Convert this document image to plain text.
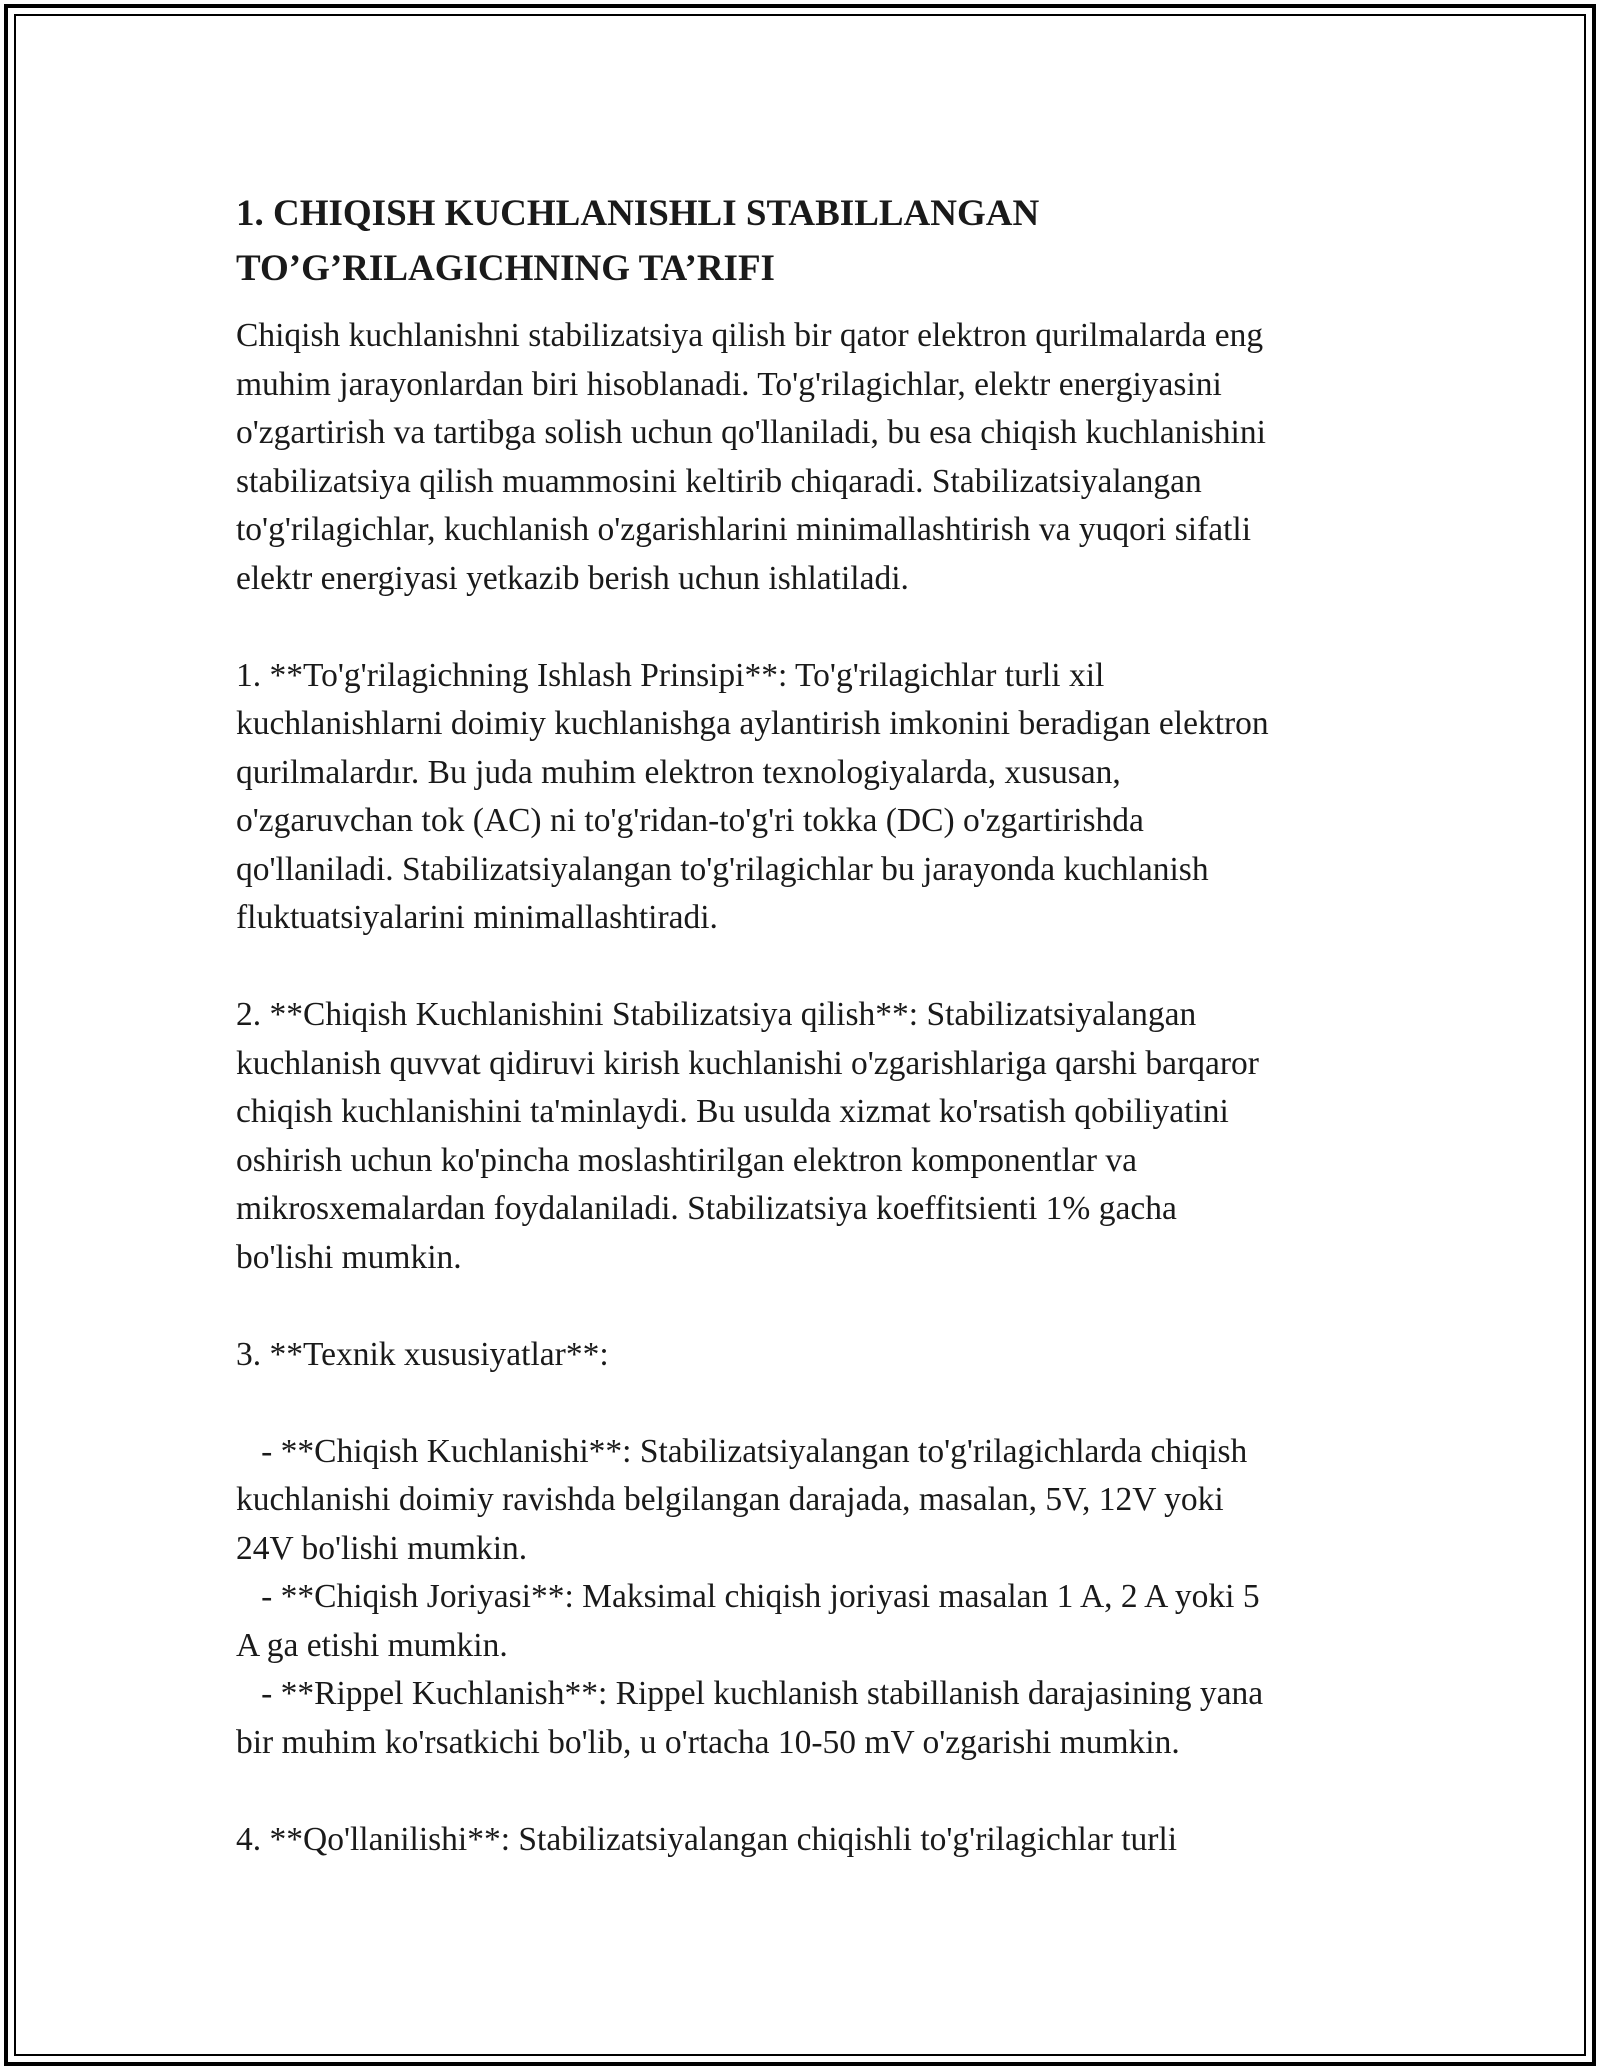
1. CHIQISH KUCHLANISHLI STABILLANGAN
TO’G’RILAGICHNING TA’RIFI

Chiqish kuchlanishni stabilizatsiya qilish bir qator elektron qurilmalarda eng
muhim jarayonlardan biri hisoblanadi. To'g'rilagichlar, elektr energiyasini
o'zgartirish va tartibga solish uchun qo'llaniladi, bu esa chiqish kuchlanishini
stabilizatsiya qilish muammosini keltirib chiqaradi. Stabilizatsiyalangan
to'g'rilagichlar, kuchlanish o'zgarishlarini minimallashtirish va yuqori sifatli
elektr energiyasi yetkazib berish uchun ishlatiladi.

1. **To'g'rilagichning Ishlash Prinsipi**: To'g'rilagichlar turli xil
kuchlanishlarni doimiy kuchlanishga aylantirish imkonini beradigan elektron
qurilmalardır. Bu juda muhim elektron texnologiyalarda, xususan,
o'zgaruvchan tok (AC) ni to'g'ridan-to'g'ri tokka (DC) o'zgartirishda
qo'llaniladi. Stabilizatsiyalangan to'g'rilagichlar bu jarayonda kuchlanish
fluktuatsiyalarini minimallashtiradi.

2. **Chiqish Kuchlanishini Stabilizatsiya qilish**: Stabilizatsiyalangan
kuchlanish quvvat qidiruvi kirish kuchlanishi o'zgarishlariga qarshi barqaror
chiqish kuchlanishini ta'minlaydi. Bu usulda xizmat ko'rsatish qobiliyatini
oshirish uchun ko'pincha moslashtirilgan elektron komponentlar va
mikrosxemalardan foydalaniladi. Stabilizatsiya koeffitsienti 1% gacha
bo'lishi mumkin.

3. **Texnik xususiyatlar**:

- **Chiqish Kuchlanishi**: Stabilizatsiyalangan to'g'rilagichlarda chiqish
kuchlanishi doimiy ravishda belgilangan darajada, masalan, 5V, 12V yoki
24V bo'lishi mumkin.
- **Chiqish Joriyasi**: Maksimal chiqish joriyasi masalan 1 A, 2 A yoki 5
A ga etishi mumkin.
- **Rippel Kuchlanish**: Rippel kuchlanish stabillanish darajasining yana
bir muhim ko'rsatkichi bo'lib, u o'rtacha 10-50 mV o'zgarishi mumkin.

4. **Qo'llanilishi**: Stabilizatsiyalangan chiqishli to'g'rilagichlar turli
